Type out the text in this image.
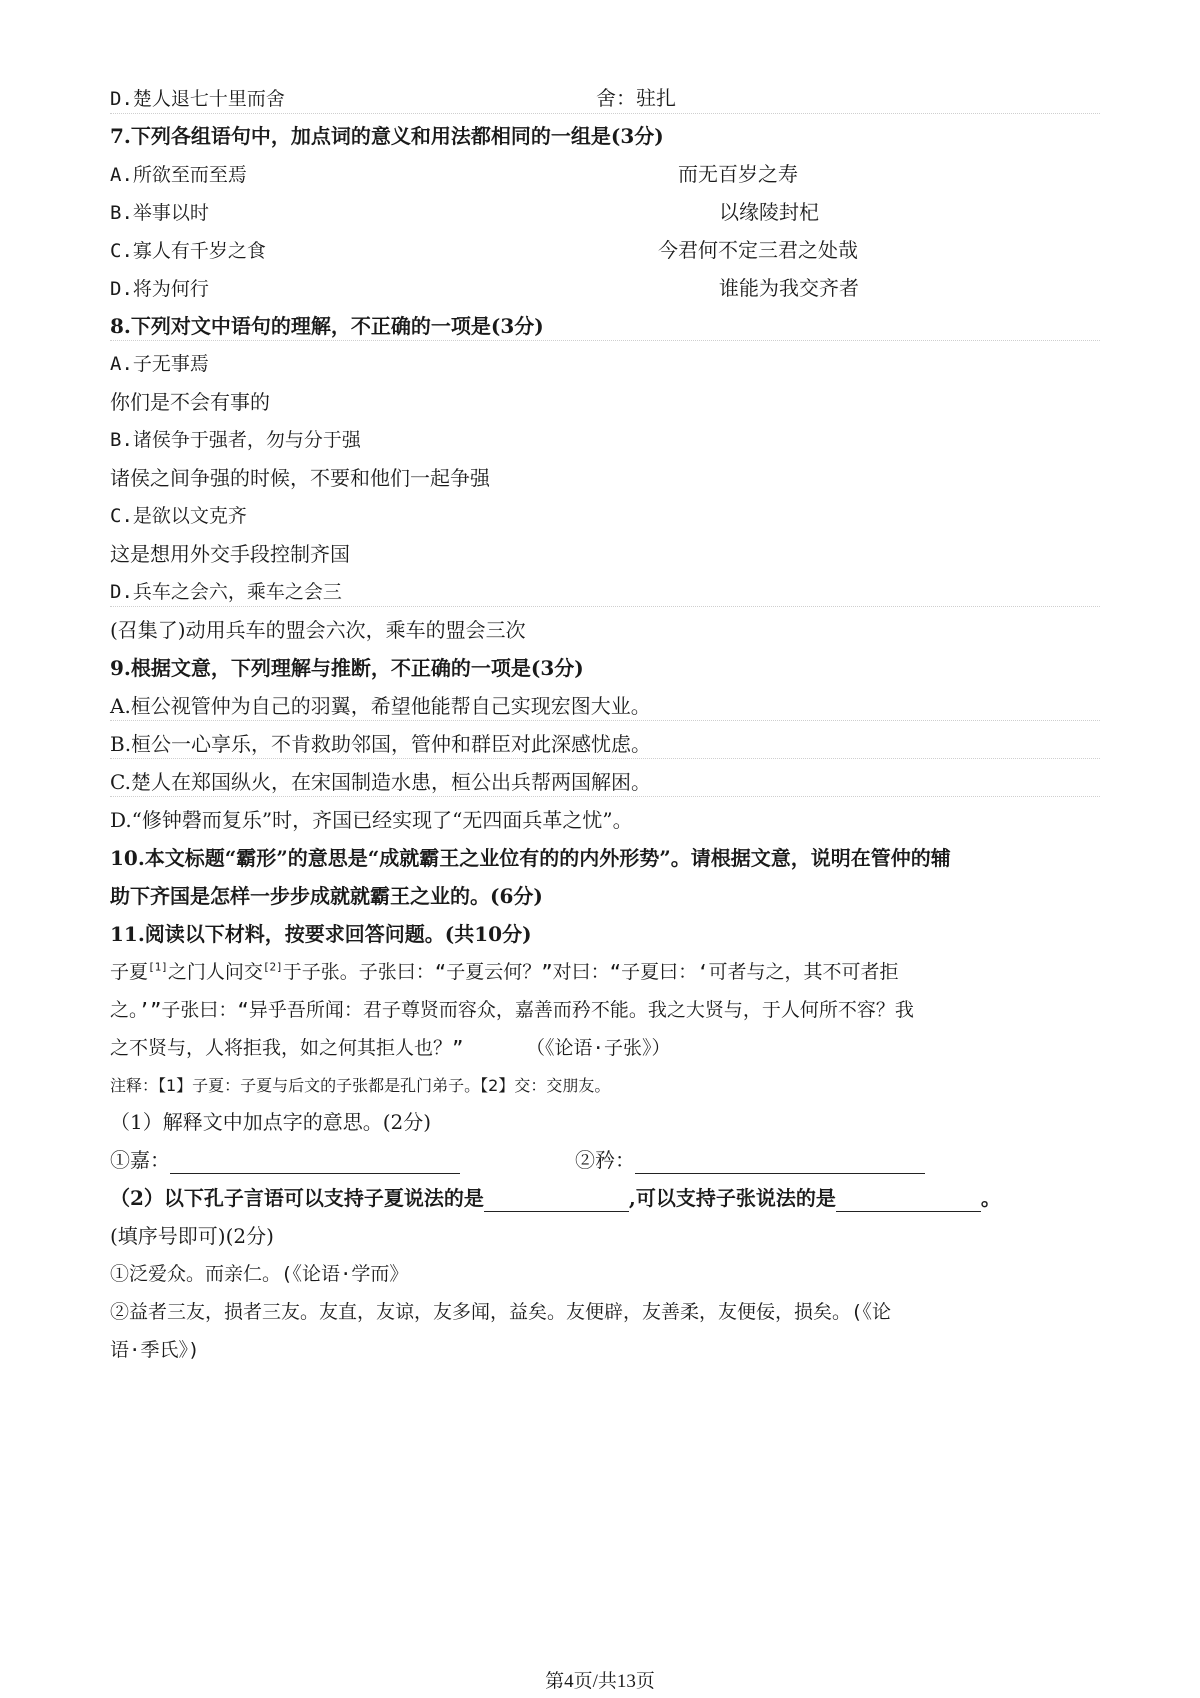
D.楚人退七十里而舍	舍：驻扎
7.下列各组语句中，加点词的意义和用法都相同的一组是(3分)
A.所欲至而至焉	而无百岁之寿
B.举事以时	以缘陵封杞
C.寡人有千岁之食	今君何不定三君之处哉
D.将为何行	谁能为我交齐者
8.下列对文中语句的理解，不正确的一项是(3分)
A.子无事焉
你们是不会有事的
B.诸侯争于强者，勿与分于强
诸侯之间争强的时候，不要和他们一起争强
C.是欲以文克齐
这是想用外交手段控制齐国
D.兵车之会六，乘车之会三
(召集了)动用兵车的盟会六次，乘车的盟会三次
9.根据文意，下列理解与推断，不正确的一项是(3分)
A.桓公视管仲为自己的羽翼，希望他能帮自己实现宏图大业。
B.桓公一心享乐，不肯救助邻国，管仲和群臣对此深感忧虑。
C.楚人在郑国纵火，在宋国制造水患，桓公出兵帮两国解困。
D.“修钟磬而复乐”时，齐国已经实现了“无四面兵革之忧”。
10.本文标题“霸形”的意思是“成就霸王之业位有的的内外形势”。请根据文意，说明在管仲的辅
助下齐国是怎样一步步成就就霸王之业的。(6分)
11.阅读以下材料，按要求回答问题。(共10分)
子夏[1]之门人问交[2]于子张。子张曰：“子夏云何？”对曰：“子夏曰：‘可者与之，其不可者拒
之。’”子张曰：“异乎吾所闻：君子尊贤而容众，嘉善而矜不能。我之大贤与，于人何所不容？我
之不贤与，人将拒我，如之何其拒人也？”	（《论语·子张》）
注释：【1】子夏：子夏与后文的子张都是孔门弟子。【2】交：交朋友。
（1）解释文中加点字的意思。(2分)
①嘉：	②矜：
（2）以下孔子言语可以支持子夏说法的是	,可以支持子张说法的是	。
(填序号即可)(2分)
①泛爱众。而亲仁。(《论语·学而》
②益者三友，损者三友。友直，友谅，友多闻，益矣。友便辟，友善柔，友便佞，损矣。(《论
语·季氏》)
第4页/共13页
